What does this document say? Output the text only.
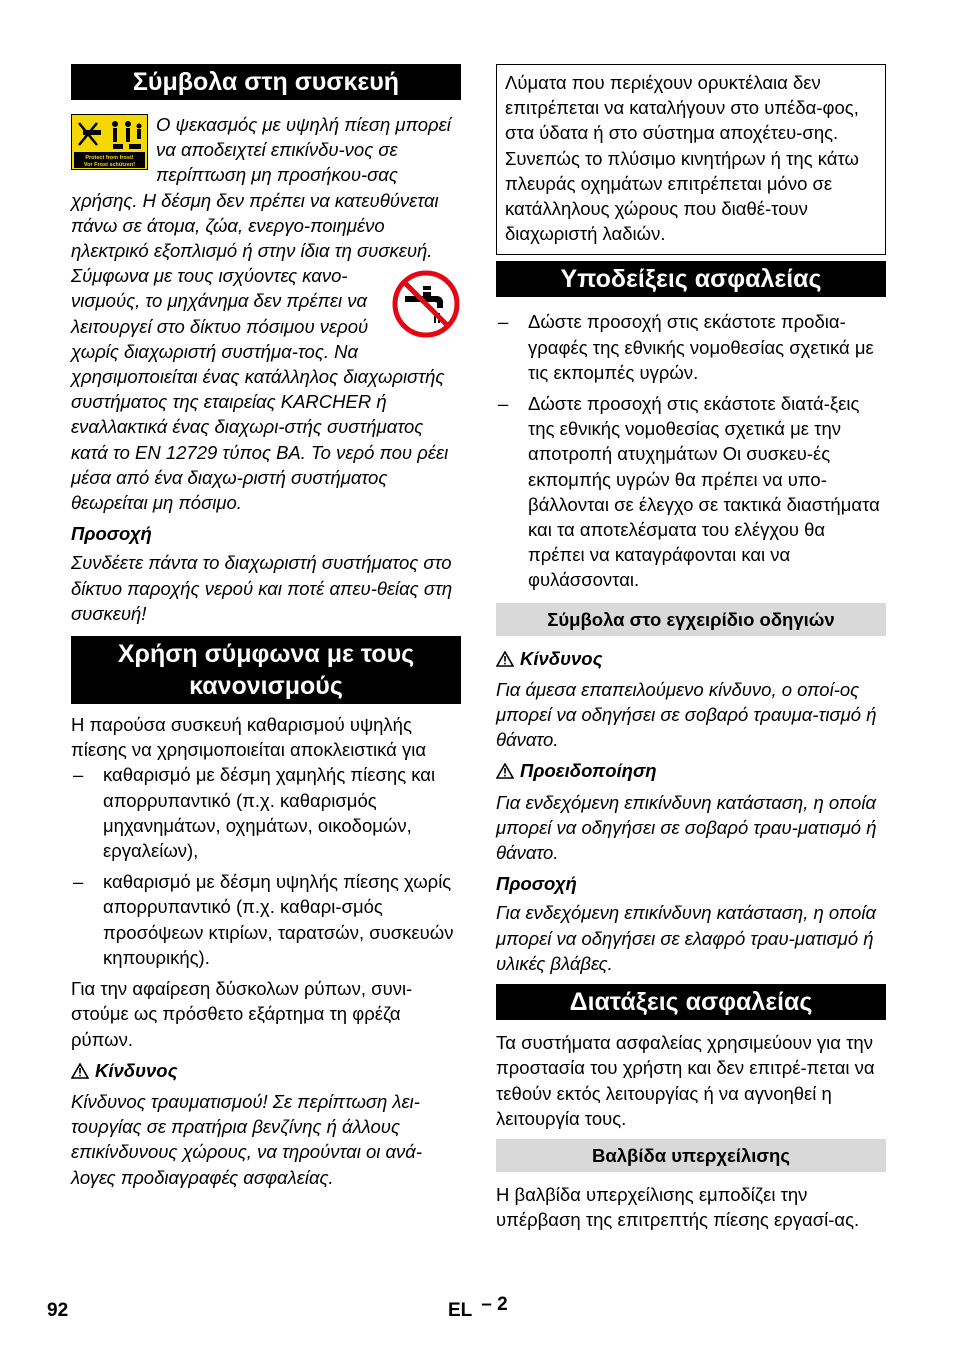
Σύμβολα στη συσκευή
Protect from frost!
Vor Frost schützen!

Ο ψεκασμός με υψηλή πίεση μπορεί να αποδειχτεί επικίνδυ-νος σε περίπτωση μη προσήκου-σας χρήσης. Η δέσμη δεν πρέπει να κατευθύνεται πάνω σε άτομα, ζώα, ενεργο-ποιημένο ηλεκτρικό εξοπλισμό ή στην ίδια τη συσκευή.

Σύμφωνα με τους ισχύοντες κανο-νισμούς, το μηχάνημα δεν πρέπει να λειτουργεί στο δίκτυο πόσιμου νερού χωρίς διαχωριστή συστήμα-τος. Να χρησιμοποιείται ένας κατάλληλος διαχωριστής συστήματος της εταιρείας KARCHER ή εναλλακτικά ένας διαχωρι-στής συστήματος κατά το EN 12729 τύπος BA. Το νερό που ρέει μέσα από ένα διαχω-ριστή συστήματος θεωρείται μη πόσιμο.

Προσοχή

Συνδέετε πάντα το διαχωριστή συστήματος στο δίκτυο παροχής νερού και ποτέ απευ-θείας στη συσκευή!

Χρήση σύμφωνα με τους
κανονισμούς

Η παρούσα συσκευή καθαρισμού υψηλής πίεσης να χρησιμοποιείται αποκλειστικά για

– καθαρισμό με δέσμη χαμηλής πίεσης και απορρυπαντικό (π.χ. καθαρισμός μηχανημάτων, οχημάτων, οικοδομών, εργαλείων),
– καθαρισμό με δέσμη υψηλής πίεσης χωρίς απορρυπαντικό (π.χ. καθαρι-σμός προσόψεων κτιρίων, ταρατσών, συσκευών κηπουρικής).

Για την αφαίρεση δύσκολων ρύπων, συνι-στούμε ως πρόσθετο εξάρτημα τη φρέζα ρύπων.

Κίνδυνος

Κίνδυνος τραυματισμού! Σε περίπτωση λει-τουργίας σε πρατήρια βενζίνης ή άλλους επικίνδυνους χώρους, να τηρούνται οι ανά-λογες προδιαγραφές ασφαλείας.

Λύματα που περιέχουν ορυκτέλαια δεν επιτρέπεται να καταλήγουν στο υπέδα-φος, στα ύδατα ή στο σύστημα αποχέτευ-σης. Συνεπώς το πλύσιμο κινητήρων ή της κάτω πλευράς οχημάτων επιτρέπεται μόνο σε κατάλληλους χώρους που διαθέ-τουν διαχωριστή λαδιών.

Υποδείξεις ασφαλείας
– Δώστε προσοχή στις εκάστοτε προδια-γραφές της εθνικής νομοθεσίας σχετικά με τις εκπομπές υγρών.
– Δώστε προσοχή στις εκάστοτε διατά-ξεις της εθνικής νομοθεσίας σχετικά με την αποτροπή ατυχημάτων Οι συσκευ-ές εκπομπής υγρών θα πρέπει να υπο-βάλλονται σε έλεγχο σε τακτικά διαστήματα και τα αποτελέσματα του ελέγχου θα πρέπει να καταγράφονται και να φυλάσσονται.
Σύμβολα στο εγχειρίδιο οδηγιών
Κίνδυνος

Για άμεσα επαπειλούμενο κίνδυνο, ο οποί-ος μπορεί να οδηγήσει σε σοβαρό τραυμα-τισμό ή θάνατο.

Προειδοποίηση

Για ενδεχόμενη επικίνδυνη κατάσταση, η οποία μπορεί να οδηγήσει σε σοβαρό τραυ-ματισμό ή θάνατο.

Προσοχή

Για ενδεχόμενη επικίνδυνη κατάσταση, η οποία μπορεί να οδηγήσει σε ελαφρό τραυ-ματισμό ή υλικές βλάβες.

Διατάξεις ασφαλείας

Τα συστήματα ασφαλείας χρησιμεύουν για την προστασία του χρήστη και δεν επιτρέ-πεται να τεθούν εκτός λειτουργίας ή να αγνοηθεί η λειτουργία τους.

Βαλβίδα υπερχείλισης

Η βαλβίδα υπερχείλισης εμποδίζει την υπέρβαση της επιτρεπτής πίεσης εργασί-ας.

92	EL – 2
